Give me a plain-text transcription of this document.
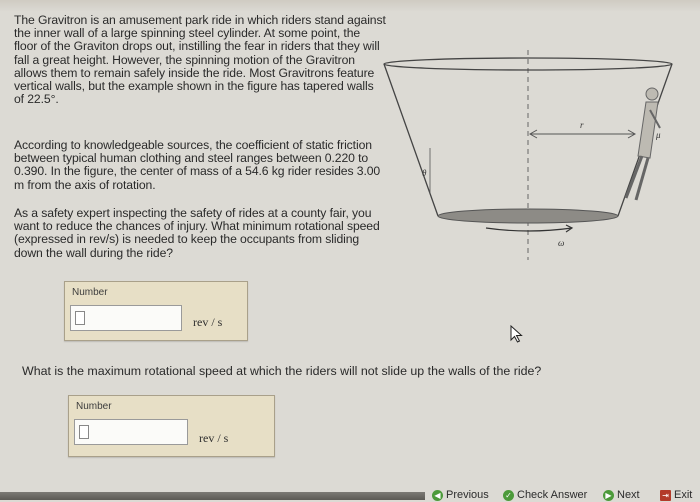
The Gravitron is an amusement park ride in which riders stand against the inner wall of a large spinning steel cylinder. At some point, the floor of the Graviton drops out, instilling the fear in riders that they will fall a great height. However, the spinning motion of the Gravitron allows them to remain safely inside the ride. Most Gravitrons feature vertical walls, but the example shown in the figure has tapered walls of 22.5°.

According to knowledgeable sources, the coefficient of static friction between typical human clothing and steel ranges between 0.220 to 0.390. In the figure, the center of mass of a 54.6 kg rider resides 3.00 m from the axis of rotation.

As a safety expert inspecting the safety of rides at a county fair, you want to reduce the chances of injury. What minimum rotational speed (expressed in rev/s) is needed to keep the occupants from sliding down the wall during the ride?

θ
r
μ
ω
Number
rev / s

What is the maximum rotational speed at which the riders will not slide up the walls of the ride?

Number
rev / s
◀ Previous ✓ Check Answer	▶ Next	⇥ Exit
